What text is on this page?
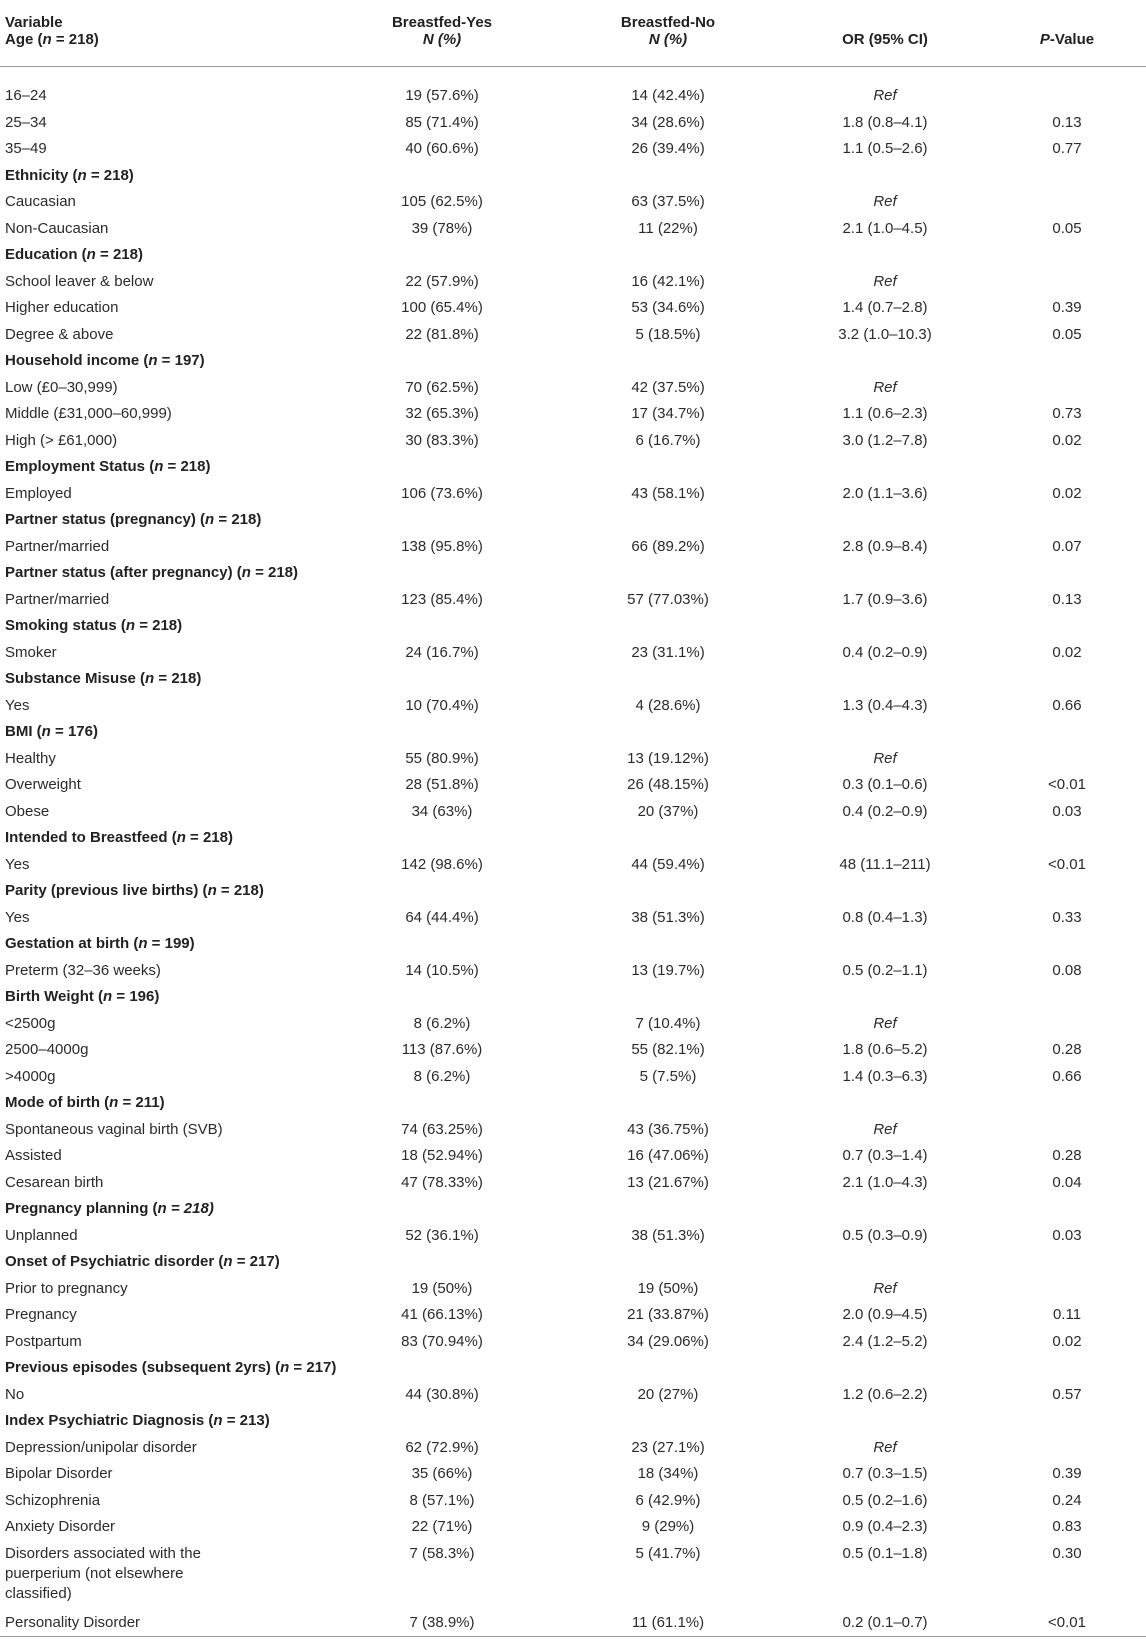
Variable	Breastfed-Yes	Breastfed-No		
Age (n = 218)	N (%)	N (%)	OR (95% CI)	P-Value
16–24	19 (57.6%)	14 (42.4%)	Ref	
25–34	85 (71.4%)	34 (28.6%)	1.8 (0.8–4.1)	0.13
35–49	40 (60.6%)	26 (39.4%)	1.1 (0.5–2.6)	0.77
Ethnicity (n = 218)				
Caucasian	105 (62.5%)	63 (37.5%)	Ref	
Non-Caucasian	39 (78%)	11 (22%)	2.1 (1.0–4.5)	0.05
Education (n = 218)				
School leaver & below	22 (57.9%)	16 (42.1%)	Ref	
Higher education	100 (65.4%)	53 (34.6%)	1.4 (0.7–2.8)	0.39
Degree & above	22 (81.8%)	5 (18.5%)	3.2 (1.0–10.3)	0.05
Household income (n = 197)				
Low (£0–30,999)	70 (62.5%)	42 (37.5%)	Ref	
Middle (£31,000–60,999)	32 (65.3%)	17 (34.7%)	1.1 (0.6–2.3)	0.73
High (> £61,000)	30 (83.3%)	6 (16.7%)	3.0 (1.2–7.8)	0.02
Employment Status (n = 218)				
Employed	106 (73.6%)	43 (58.1%)	2.0 (1.1–3.6)	0.02
Partner status (pregnancy) (n = 218)				
Partner/married	138 (95.8%)	66 (89.2%)	2.8 (0.9–8.4)	0.07
Partner status (after pregnancy) (n = 218)				
Partner/married	123 (85.4%)	57 (77.03%)	1.7 (0.9–3.6)	0.13
Smoking status (n = 218)				
Smoker	24 (16.7%)	23 (31.1%)	0.4 (0.2–0.9)	0.02
Substance Misuse (n = 218)				
Yes	10 (70.4%)	4 (28.6%)	1.3 (0.4–4.3)	0.66
BMI (n = 176)				
Healthy	55 (80.9%)	13 (19.12%)	Ref	
Overweight	28 (51.8%)	26 (48.15%)	0.3 (0.1–0.6)	<0.01
Obese	34 (63%)	20 (37%)	0.4 (0.2–0.9)	0.03
Intended to Breastfeed (n = 218)				
Yes	142 (98.6%)	44 (59.4%)	48 (11.1–211)	<0.01
Parity (previous live births) (n = 218)				
Yes	64 (44.4%)	38 (51.3%)	0.8 (0.4–1.3)	0.33
Gestation at birth (n = 199)				
Preterm (32–36 weeks)	14 (10.5%)	13 (19.7%)	0.5 (0.2–1.1)	0.08
Birth Weight (n = 196)				
<2500g	8 (6.2%)	7 (10.4%)	Ref	
2500–4000g	113 (87.6%)	55 (82.1%)	1.8 (0.6–5.2)	0.28
>4000g	8 (6.2%)	5 (7.5%)	1.4 (0.3–6.3)	0.66
Mode of birth (n = 211)				
Spontaneous vaginal birth (SVB)	74 (63.25%)	43 (36.75%)	Ref	
Assisted	18 (52.94%)	16 (47.06%)	0.7 (0.3–1.4)	0.28
Cesarean birth	47 (78.33%)	13 (21.67%)	2.1 (1.0–4.3)	0.04
Pregnancy planning (n = 218)				
Unplanned	52 (36.1%)	38 (51.3%)	0.5 (0.3–0.9)	0.03
Onset of Psychiatric disorder (n = 217)				
Prior to pregnancy	19 (50%)	19 (50%)	Ref	
Pregnancy	41 (66.13%)	21 (33.87%)	2.0 (0.9–4.5)	0.11
Postpartum	83 (70.94%)	34 (29.06%)	2.4 (1.2–5.2)	0.02
Previous episodes (subsequent 2yrs) (n = 217)				
No	44 (30.8%)	20 (27%)	1.2 (0.6–2.2)	0.57
Index Psychiatric Diagnosis (n = 213)				
Depression/unipolar disorder	62 (72.9%)	23 (27.1%)	Ref	
Bipolar Disorder	35 (66%)	18 (34%)	0.7 (0.3–1.5)	0.39
Schizophrenia	8 (57.1%)	6 (42.9%)	0.5 (0.2–1.6)	0.24
Anxiety Disorder	22 (71%)	9 (29%)	0.9 (0.4–2.3)	0.83
Disorders associated with the
puerperium (not elsewhere
classified)	7 (58.3%)	5 (41.7%)	0.5 (0.1–1.8)	0.30
Personality Disorder	7 (38.9%)	11 (61.1%)	0.2 (0.1–0.7)	<0.01
